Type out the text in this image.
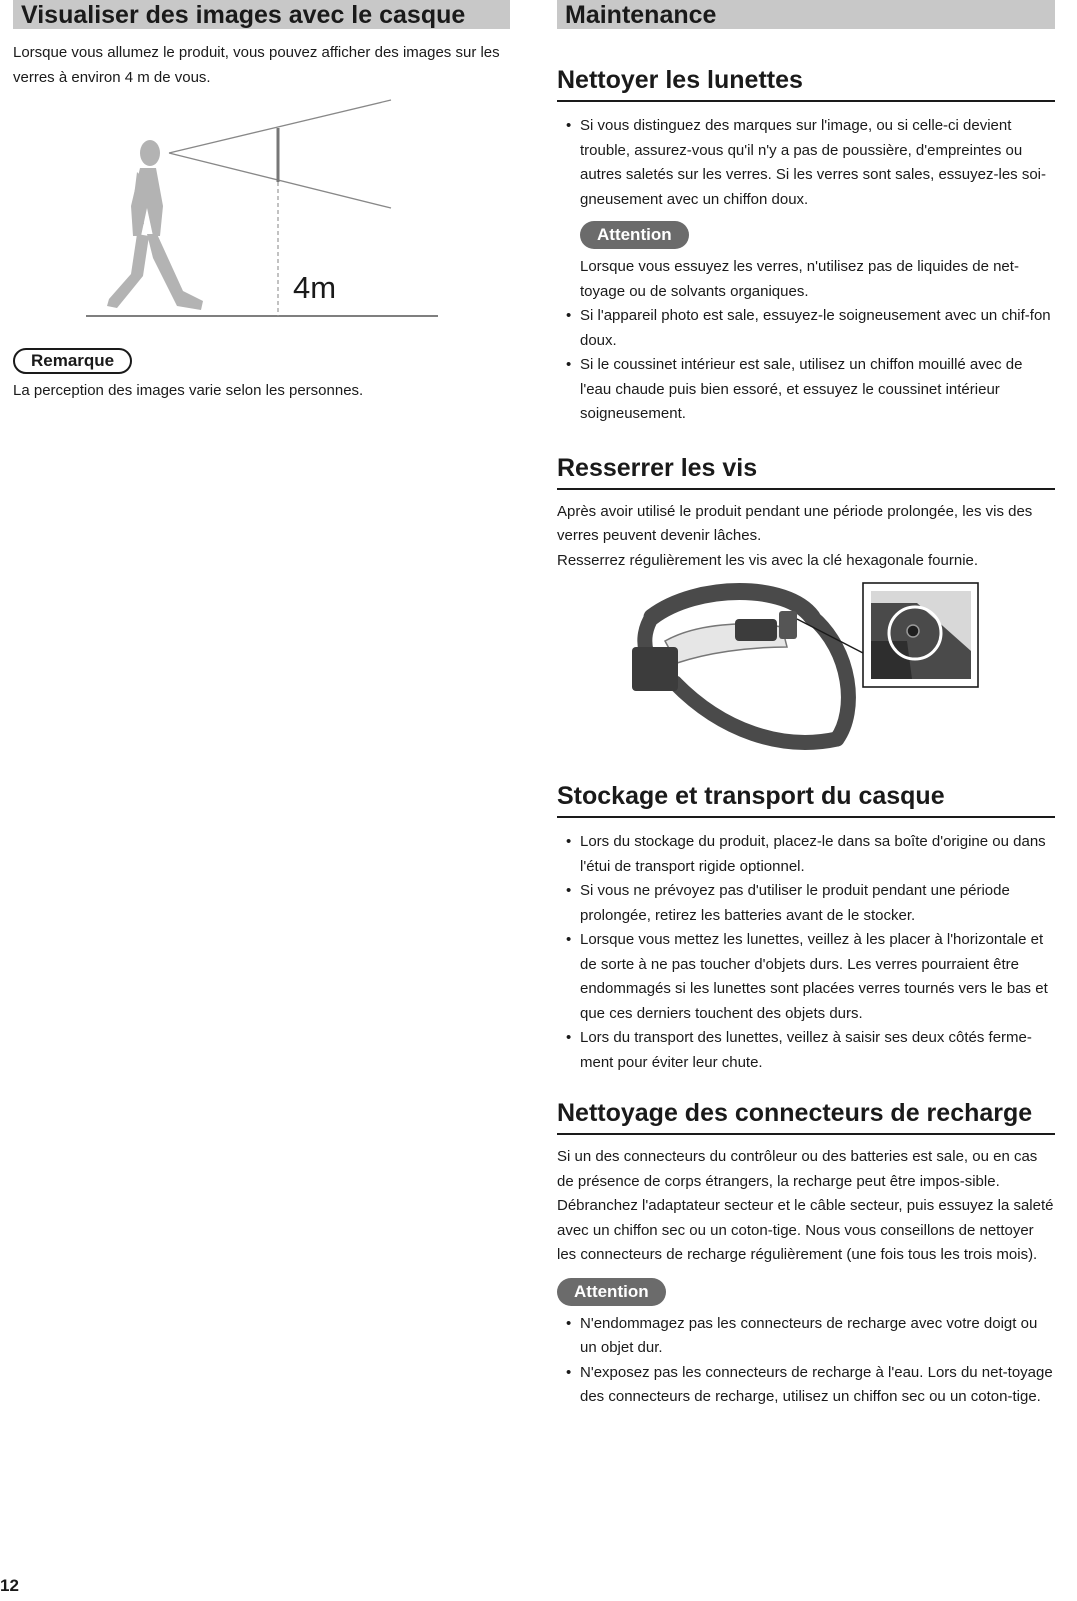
Visualiser des images avec le casque

Lorsque vous allumez le produit, vous pouvez afficher des images sur les verres à environ 4 m de vous.

4m
Remarque

La perception des images varie selon les personnes.

Maintenance
Nettoyer les lunettes
• Si vous distinguez des marques sur l'image, ou si celle-ci devient trouble, assurez-vous qu'il n'y a pas de poussière, d'empreintes ou autres saletés sur les verres. Si les verres sont sales, essuyez-les soi-gneusement avec un chiffon doux.
Attention

Lorsque vous essuyez les verres, n'utilisez pas de liquides de net-toyage ou de solvants organiques.

• Si l'appareil photo est sale, essuyez-le soigneusement avec un chif-fon doux.
• Si le coussinet intérieur est sale, utilisez un chiffon mouillé avec de l'eau chaude puis bien essoré, et essuyez le coussinet intérieur soigneusement.
Resserrer les vis

Après avoir utilisé le produit pendant une période prolongée, les vis des verres peuvent devenir lâches.

Resserrez régulièrement les vis avec la clé hexagonale fournie.

Stockage et transport du casque
• Lors du stockage du produit, placez-le dans sa boîte d'origine ou dans l'étui de transport rigide optionnel.
• Si vous ne prévoyez pas d'utiliser le produit pendant une période prolongée, retirez les batteries avant de le stocker.
• Lorsque vous mettez les lunettes, veillez à les placer à l'horizontale et de sorte à ne pas toucher d'objets durs. Les verres pourraient être endommagés si les lunettes sont placées verres tournés vers le bas et que ces derniers touchent des objets durs.
• Lors du transport des lunettes, veillez à saisir ses deux côtés ferme-ment pour éviter leur chute.
Nettoyage des connecteurs de recharge

Si un des connecteurs du contrôleur ou des batteries est sale, ou en cas de présence de corps étrangers, la recharge peut être impos-sible. Débranchez l'adaptateur secteur et le câble secteur, puis essuyez la saleté avec un chiffon sec ou un coton-tige. Nous vous conseillons de nettoyer les connecteurs de recharge régulièrement (une fois tous les trois mois).

Attention
• N'endommagez pas les connecteurs de recharge avec votre doigt ou un objet dur.
• N'exposez pas les connecteurs de recharge à l'eau. Lors du net-toyage des connecteurs de recharge, utilisez un chiffon sec ou un coton-tige.
12
